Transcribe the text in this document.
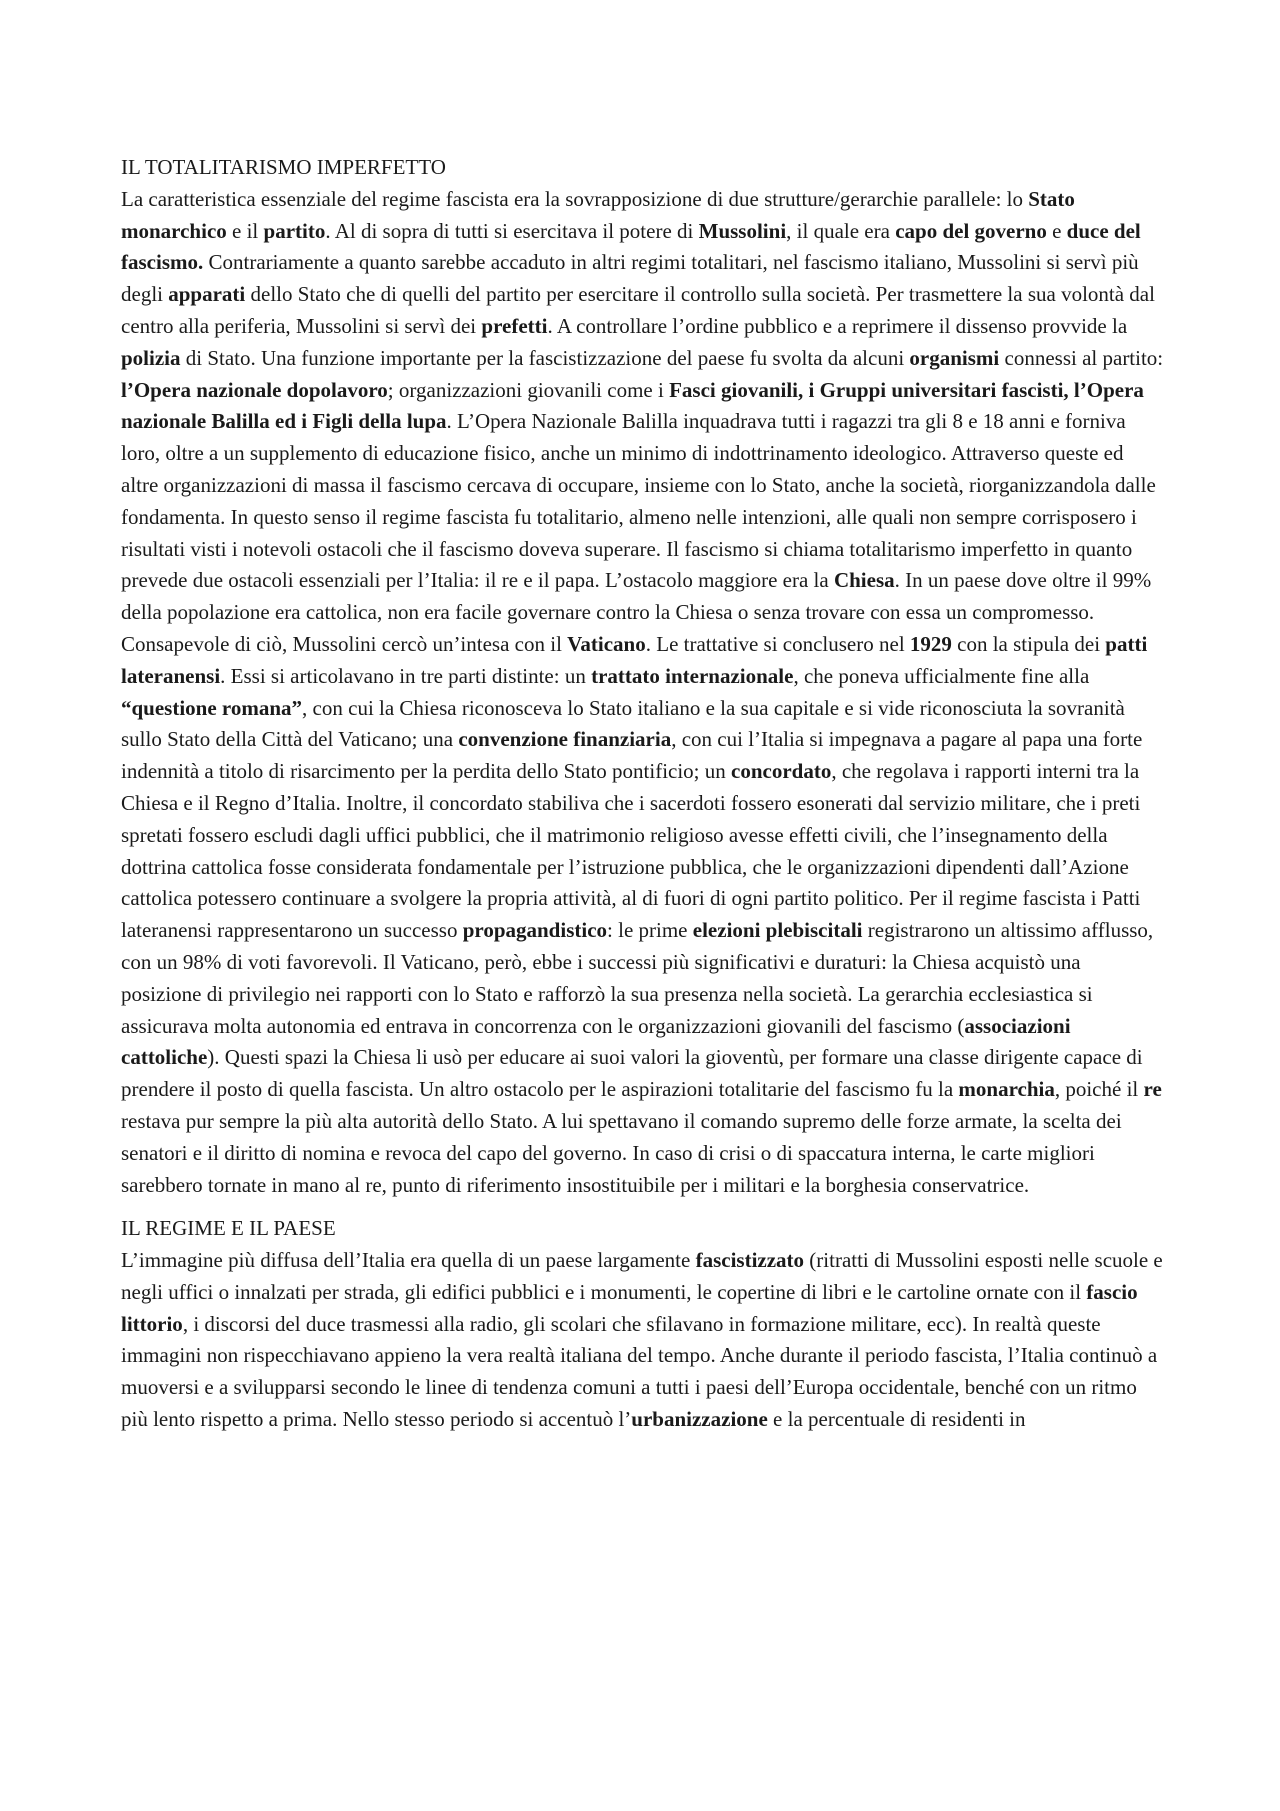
IL TOTALITARISMO IMPERFETTO

La caratteristica essenziale del regime fascista era la sovrapposizione di due strutture/gerarchie parallele: lo Stato monarchico e il partito. Al di sopra di tutti si esercitava il potere di Mussolini, il quale era capo del governo e duce del fascismo. Contrariamente a quanto sarebbe accaduto in altri regimi totalitari, nel fascismo italiano, Mussolini si servì più degli apparati dello Stato che di quelli del partito per esercitare il controllo sulla società. Per trasmettere la sua volontà dal centro alla periferia, Mussolini si servì dei prefetti. A controllare l’ordine pubblico e a reprimere il dissenso provvide la polizia di Stato. Una funzione importante per la fascistizzazione del paese fu svolta da alcuni organismi connessi al partito: l’Opera nazionale dopolavoro; organizzazioni giovanili come i Fasci giovanili, i Gruppi universitari fascisti, l’Opera nazionale Balilla ed i Figli della lupa. L’Opera Nazionale Balilla inquadrava tutti i ragazzi tra gli 8 e 18 anni e forniva loro, oltre a un supplemento di educazione fisico, anche un minimo di indottrinamento ideologico. Attraverso queste ed altre organizzazioni di massa il fascismo cercava di occupare, insieme con lo Stato, anche la società, riorganizzandola dalle fondamenta. In questo senso il regime fascista fu totalitario, almeno nelle intenzioni, alle quali non sempre corrisposero i risultati visti i notevoli ostacoli che il fascismo doveva superare. Il fascismo si chiama totalitarismo imperfetto in quanto prevede due ostacoli essenziali per l’Italia: il re e il papa. L’ostacolo maggiore era la Chiesa. In un paese dove oltre il 99% della popolazione era cattolica, non era facile governare contro la Chiesa o senza trovare con essa un compromesso. Consapevole di ciò, Mussolini cercò un’intesa con il Vaticano. Le trattative si conclusero nel 1929 con la stipula dei patti lateranensi. Essi si articolavano in tre parti distinte: un trattato internazionale, che poneva ufficialmente fine alla “questione romana”, con cui la Chiesa riconosceva lo Stato italiano e la sua capitale e si vide riconosciuta la sovranità sullo Stato della Città del Vaticano; una convenzione finanziaria, con cui l’Italia si impegnava a pagare al papa una forte indennità a titolo di risarcimento per la perdita dello Stato pontificio; un concordato, che regolava i rapporti interni tra la Chiesa e il Regno d’Italia. Inoltre, il concordato stabiliva che i sacerdoti fossero esonerati dal servizio militare, che i preti spretati fossero escludi dagli uffici pubblici, che il matrimonio religioso avesse effetti civili, che l’insegnamento della dottrina cattolica fosse considerata fondamentale per l’istruzione pubblica, che le organizzazioni dipendenti dall’Azione cattolica potessero continuare a svolgere la propria attività, al di fuori di ogni partito politico. Per il regime fascista i Patti lateranensi rappresentarono un successo propagandistico: le prime elezioni plebiscitali registrarono un altissimo afflusso, con un 98% di voti favorevoli. Il Vaticano, però, ebbe i successi più significativi e duraturi: la Chiesa acquistò una posizione di privilegio nei rapporti con lo Stato e rafforzò la sua presenza nella società. La gerarchia ecclesiastica si assicurava molta autonomia ed entrava in concorrenza con le organizzazioni giovanili del fascismo (associazioni cattoliche). Questi spazi la Chiesa li usò per educare ai suoi valori la gioventù, per formare una classe dirigente capace di prendere il posto di quella fascista. Un altro ostacolo per le aspirazioni totalitarie del fascismo fu la monarchia, poiché il re restava pur sempre la più alta autorità dello Stato. A lui spettavano il comando supremo delle forze armate, la scelta dei senatori e il diritto di nomina e revoca del capo del governo. In caso di crisi o di spaccatura interna, le carte migliori sarebbero tornate in mano al re, punto di riferimento insostituibile per i militari e la borghesia conservatrice.

IL REGIME E IL PAESE

L’immagine più diffusa dell’Italia era quella di un paese largamente fascistizzato (ritratti di Mussolini esposti nelle scuole e negli uffici o innalzati per strada, gli edifici pubblici e i monumenti, le copertine di libri e le cartoline ornate con il fascio littorio, i discorsi del duce trasmessi alla radio, gli scolari che sfilavano in formazione militare, ecc). In realtà queste immagini non rispecchiavano appieno la vera realtà italiana del tempo. Anche durante il periodo fascista, l’Italia continuò a muoversi e a svilupparsi secondo le linee di tendenza comuni a tutti i paesi dell’Europa occidentale, benché con un ritmo più lento rispetto a prima. Nello stesso periodo si accentuò l’urbanizzazione e la percentuale di residenti in
